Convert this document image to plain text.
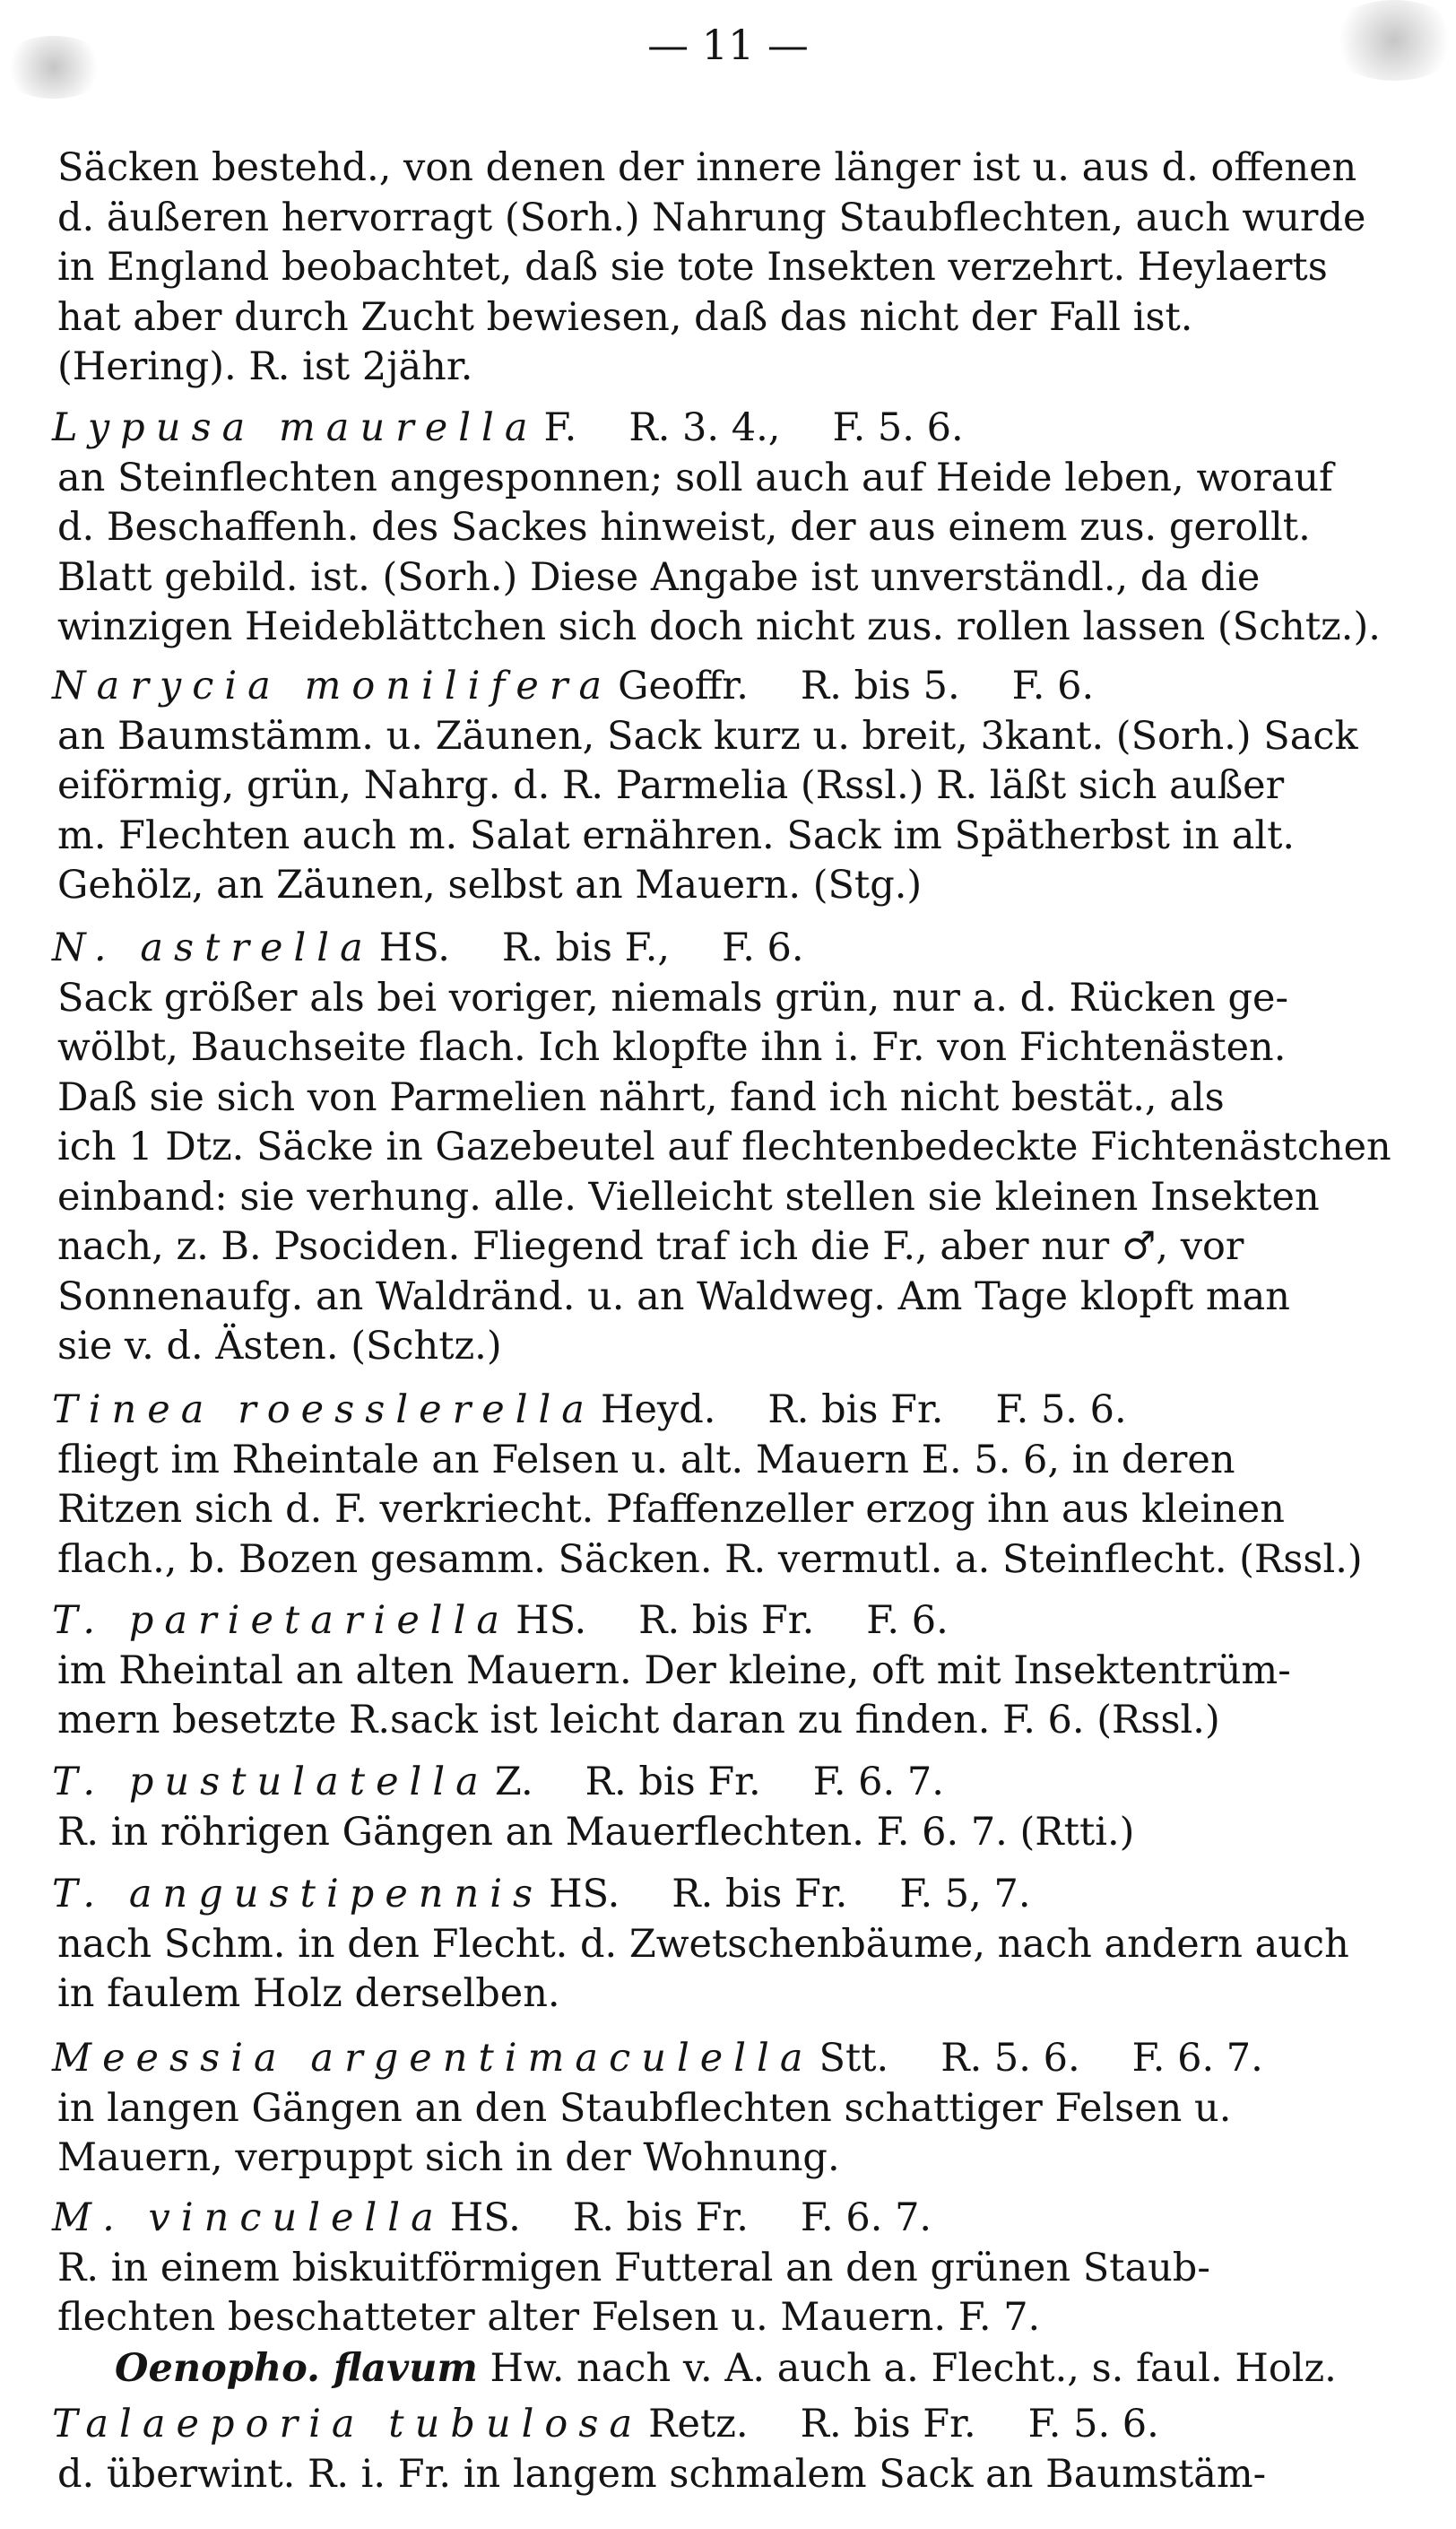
— 11 —
Säcken bestehd., von denen der innere länger ist u. aus d. offenen
d. äußeren hervorragt (Sorh.) Nahrung Staubflechten, auch wurde
in England beobachtet, daß sie tote Insekten verzehrt. Heylaerts
hat aber durch Zucht bewiesen, daß das nicht der Fall ist.
(Hering). R. ist 2jähr.
Lypusa maurella F. R. 3. 4., F. 5. 6.
an Steinflechten angesponnen; soll auch auf Heide leben, worauf
d. Beschaffenh. des Sackes hinweist, der aus einem zus. gerollt.
Blatt gebild. ist. (Sorh.) Diese Angabe ist unverständl., da die
winzigen Heideblättchen sich doch nicht zus. rollen lassen (Schtz.).
Narycia monilifera Geoffr. R. bis 5. F. 6.
an Baumstämm. u. Zäunen, Sack kurz u. breit, 3kant. (Sorh.) Sack
eiförmig, grün, Nahrg. d. R. Parmelia (Rssl.) R. läßt sich außer
m. Flechten auch m. Salat ernähren. Sack im Spätherbst in alt.
Gehölz, an Zäunen, selbst an Mauern. (Stg.)
N. astrella HS. R. bis F., F. 6.
Sack größer als bei voriger, niemals grün, nur a. d. Rücken ge-
wölbt, Bauchseite flach. Ich klopfte ihn i. Fr. von Fichtenästen.
Daß sie sich von Parmelien nährt, fand ich nicht bestät., als
ich 1 Dtz. Säcke in Gazebeutel auf flechtenbedeckte Fichtenästchen
einband: sie verhung. alle. Vielleicht stellen sie kleinen Insekten
nach, z. B. Psociden. Fliegend traf ich die F., aber nur ♂, vor
Sonnenaufg. an Waldränd. u. an Waldweg. Am Tage klopft man
sie v. d. Ästen. (Schtz.)
Tinea roesslerella Heyd. R. bis Fr. F. 5. 6.
fliegt im Rheintale an Felsen u. alt. Mauern E. 5. 6, in deren
Ritzen sich d. F. verkriecht. Pfaffenzeller erzog ihn aus kleinen
flach., b. Bozen gesamm. Säcken. R. vermutl. a. Steinflecht. (Rssl.)
T. parietariella HS. R. bis Fr. F. 6.
im Rheintal an alten Mauern. Der kleine, oft mit Insektentrüm-
mern besetzte R.sack ist leicht daran zu finden. F. 6. (Rssl.)
T. pustulatella Z. R. bis Fr. F. 6. 7.
R. in röhrigen Gängen an Mauerflechten. F. 6. 7. (Rtti.)
T. angustipennis HS. R. bis Fr. F. 5, 7.
nach Schm. in den Flecht. d. Zwetschenbäume, nach andern auch
in faulem Holz derselben.
Meessia argentimaculella Stt. R. 5. 6. F. 6. 7.
in langen Gängen an den Staubflechten schattiger Felsen u.
Mauern, verpuppt sich in der Wohnung.
M. vinculella HS. R. bis Fr. F. 6. 7.
R. in einem biskuitförmigen Futteral an den grünen Staub-
flechten beschatteter alter Felsen u. Mauern. F. 7.
Oenopho. flavum Hw. nach v. A. auch a. Flecht., s. faul. Holz.
Talaeporia tubulosa Retz. R. bis Fr. F. 5. 6.
d. überwint. R. i. Fr. in langem schmalem Sack an Baumstäm-
